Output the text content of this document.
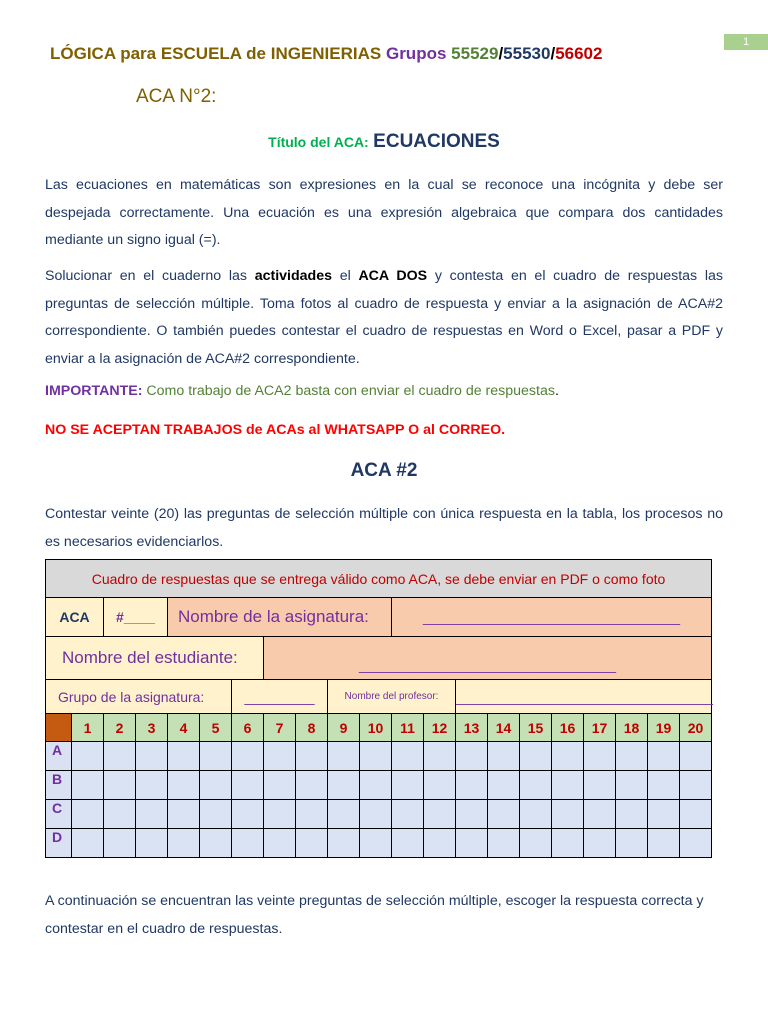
1
LÓGICA para ESCUELA de INGENIERIAS Grupos 55529/55530/56602
ACA N°2:
Título del ACA: ECUACIONES
Las ecuaciones en matemáticas son expresiones en la cual se reconoce una incógnita y debe ser despejada correctamente. Una ecuación es una expresión algebraica que compara dos cantidades mediante un signo igual (=).
Solucionar en el cuaderno las actividades el ACA DOS y contesta en el cuadro de respuestas las preguntas de selección múltiple. Toma fotos al cuadro de respuesta y enviar a la asignación de ACA#2 correspondiente. O también puedes contestar el cuadro de respuestas en Word o Excel, pasar a PDF y enviar a la asignación de ACA#2 correspondiente.
IMPORTANTE: Como trabajo de ACA2 basta con enviar el cuadro de respuestas.
NO SE ACEPTAN TRABAJOS de ACAs al WHATSAPP O al CORREO.
ACA #2
Contestar veinte (20) las preguntas de selección múltiple con única respuesta en la tabla, los procesos no es necesarios evidenciarlos.
Cuadro de respuestas que se entrega válido como ACA, se debe enviar en PDF o como foto																				
ACA		#____		Nombre de la asignatura:							_________________________________									
Nombre del estudiante:							_________________________________													
Grupo de la asignatura:						_________			Nombre del profesor:				_________________________________							
	1	2	3	4	5	6	7	8	9	10	11	12	13	14	15	16	17	18	19	20
A																				
B																				
C																				
D																				
A continuación se encuentran las veinte preguntas de selección múltiple, escoger la respuesta correcta y contestar en el cuadro de respuestas.
